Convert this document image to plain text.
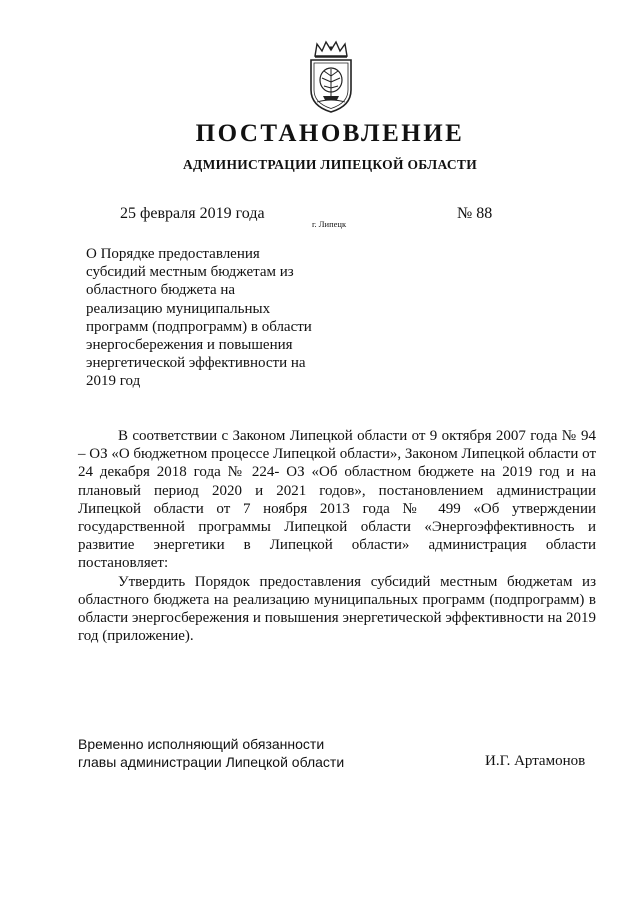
ПОСТАНОВЛЕНИЕ
АДМИНИСТРАЦИИ ЛИПЕЦКОЙ ОБЛАСТИ
25 февраля 2019 года
г. Липецк
№ 88
О Порядке предоставления
субсидий местным бюджетам из
областного бюджета на
реализацию муниципальных
программ (подпрограмм) в области
энергосбережения и повышения
энергетической эффективности на
2019 год

В соответствии с Законом Липецкой области от 9 октября 2007 года № 94 – ОЗ «О бюджетном процессе Липецкой области», Законом Липецкой области от 24 декабря 2018 года № 224- ОЗ «Об областном бюджете на 2019 год и на плановый период 2020 и 2021 годов», постановлением администрации Липецкой области от 7 ноября 2013 года № 499 «Об утверждении государственной программы Липецкой области «Энергоэффективность и развитие энергетики в Липецкой области» администрация области постановляет:

Утвердить Порядок предоставления субсидий местным бюджетам из областного бюджета на реализацию муниципальных программ (подпрограмм) в области энергосбережения и повышения энергетической эффективности на 2019 год (приложение).

Временно исполняющий обязанности
главы администрации Липецкой области	И.Г. Артамонов
